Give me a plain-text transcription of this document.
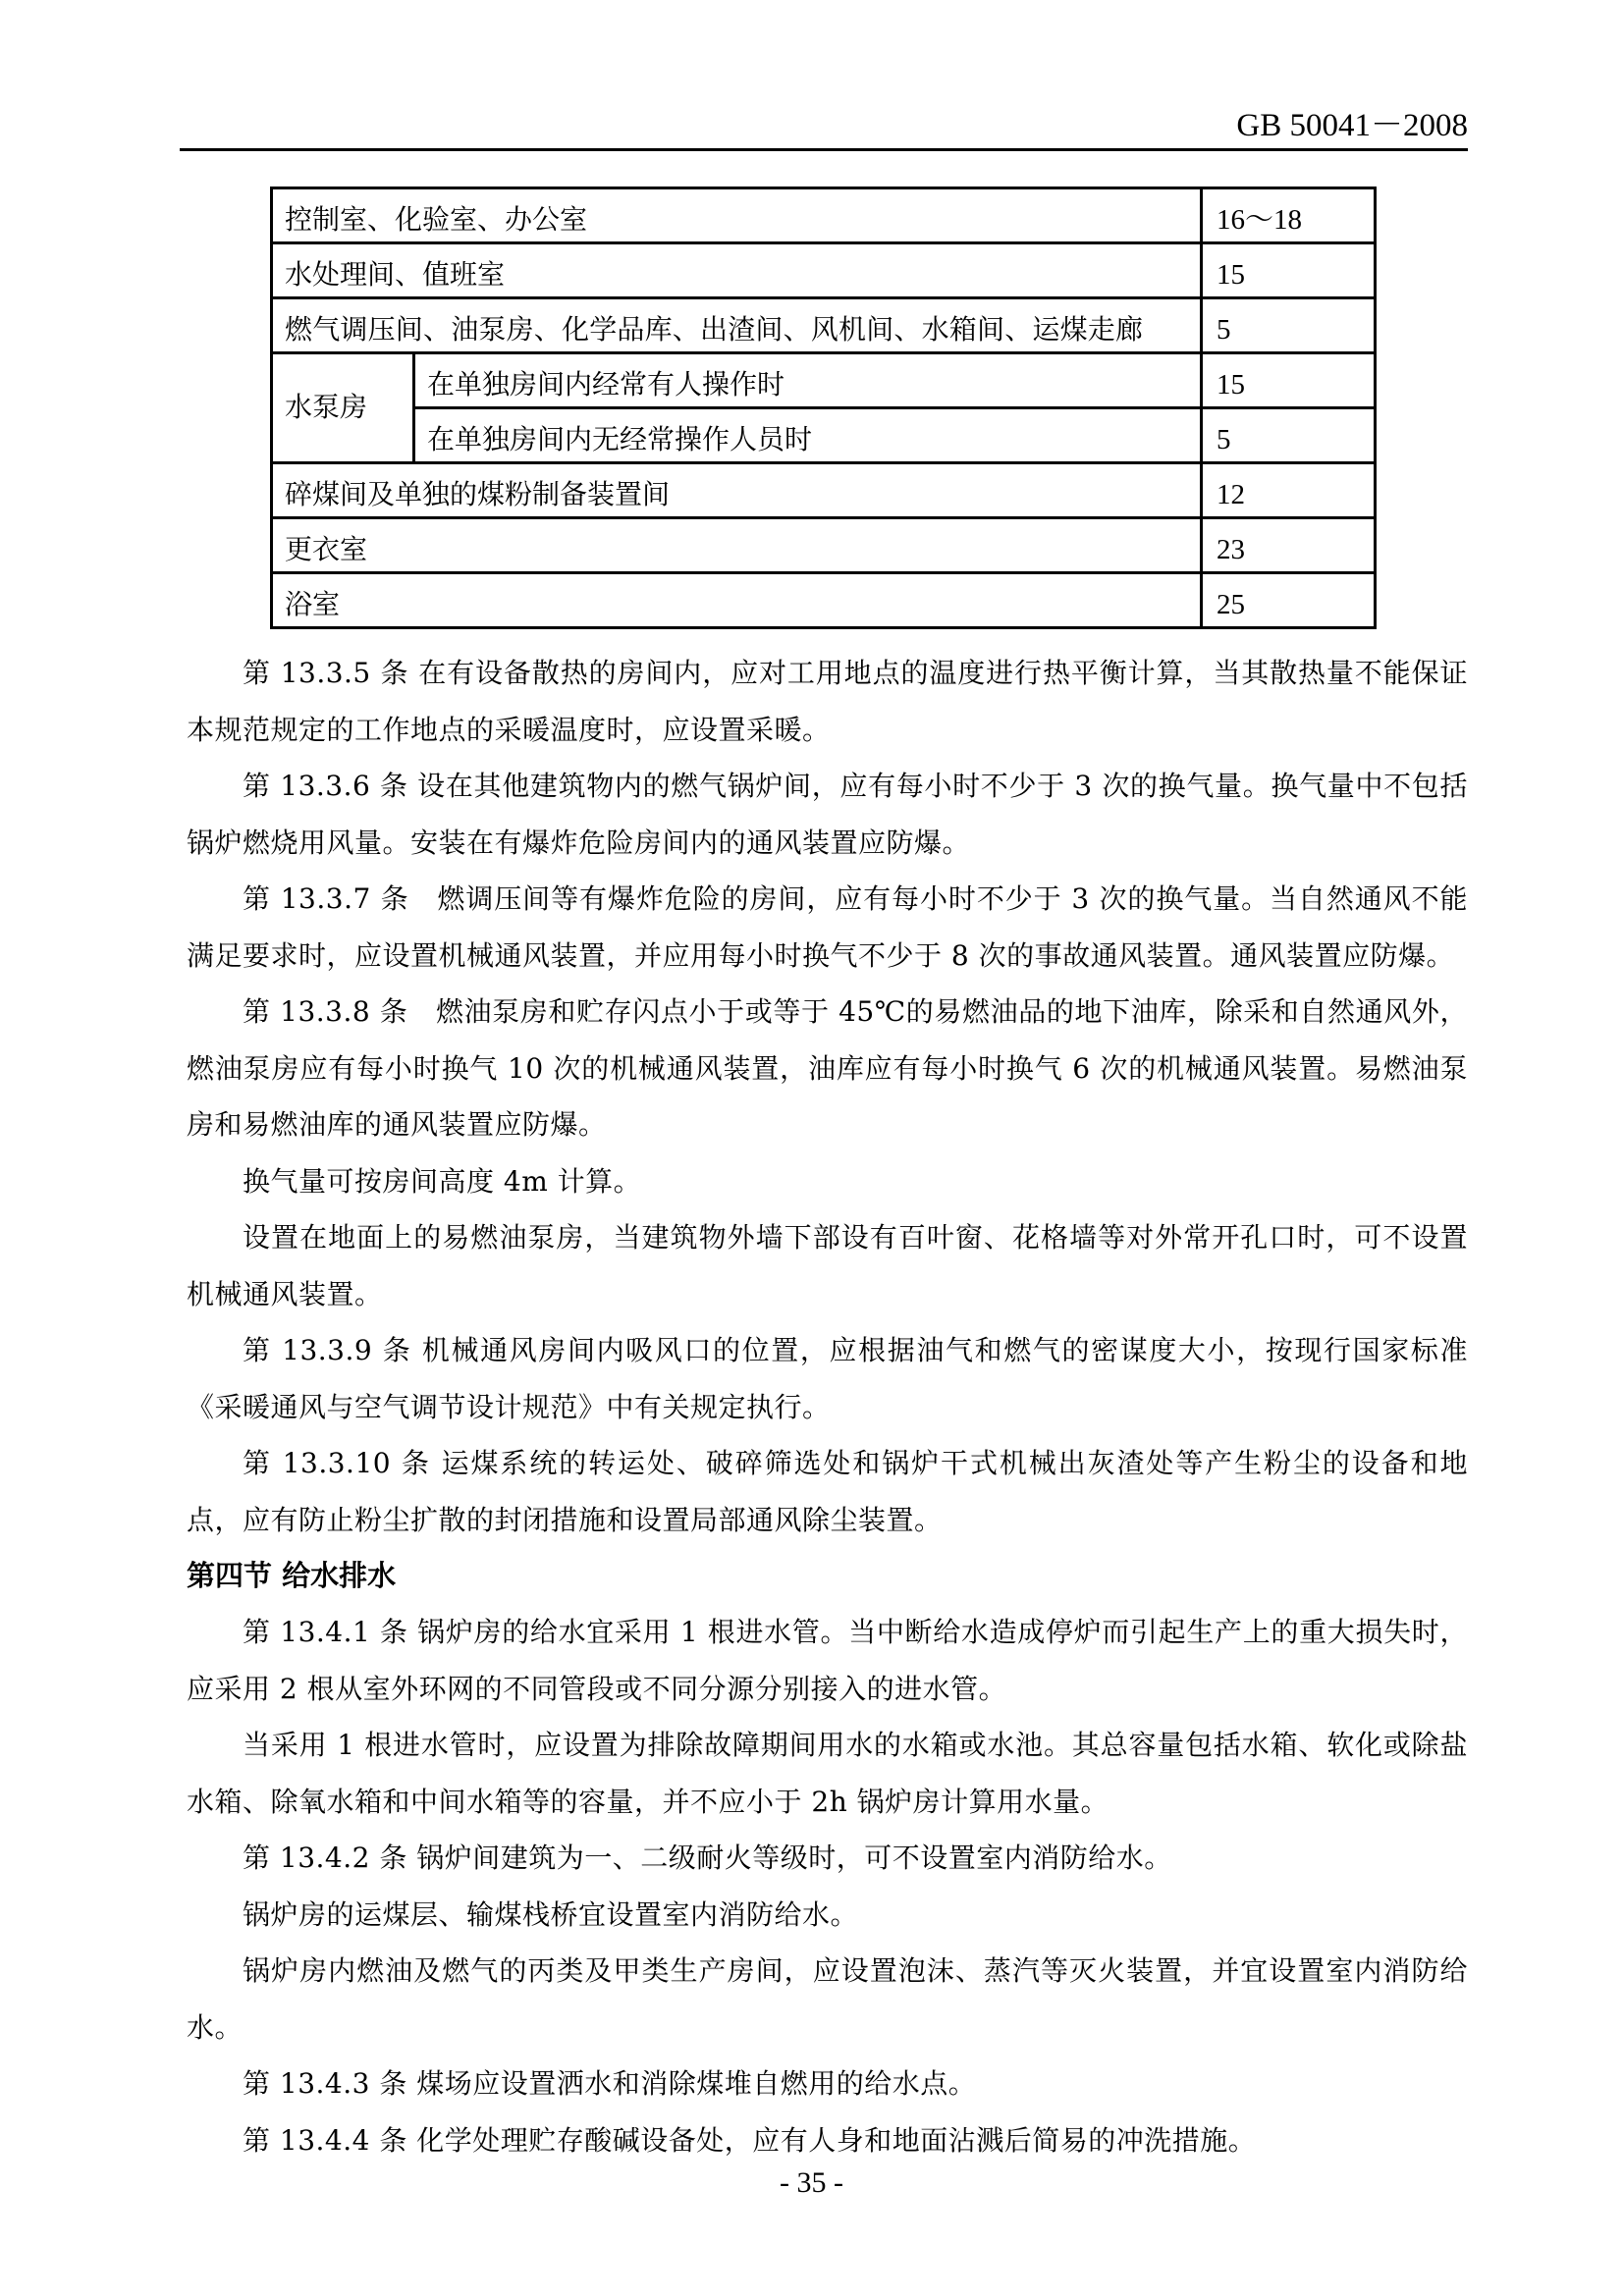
GB 50041－2008
控制室、化验室、办公室		16～18
水处理间、值班室		15
燃气调压间、油泵房、化学品库、出渣间、风机间、水箱间、运煤走廊		5
水泵房	在单独房间内经常有人操作时	15
	在单独房间内无经常操作人员时	5
碎煤间及单独的煤粉制备装置间		12
更衣室		23
浴室		25

第 13.3.5 条 在有设备散热的房间内，应对工用地点的温度进行热平衡计算，当其散热量不能保证本规范规定的工作地点的采暖温度时，应设置采暖。

第 13.3.6 条 设在其他建筑物内的燃气锅炉间，应有每小时不少于 3 次的换气量。换气量中不包括锅炉燃烧用风量。安装在有爆炸危险房间内的通风装置应防爆。

第 13.3.7 条　燃调压间等有爆炸危险的房间，应有每小时不少于 3 次的换气量。当自然通风不能满足要求时，应设置机械通风装置，并应用每小时换气不少于 8 次的事故通风装置。通风装置应防爆。

第 13.3.8 条　燃油泵房和贮存闪点小于或等于 45℃的易燃油品的地下油库，除采和自然通风外，燃油泵房应有每小时换气 10 次的机械通风装置，油库应有每小时换气 6 次的机械通风装置。易燃油泵房和易燃油库的通风装置应防爆。

换气量可按房间高度 4m 计算。

设置在地面上的易燃油泵房，当建筑物外墙下部设有百叶窗、花格墙等对外常开孔口时，可不设置机械通风装置。

第 13.3.9 条 机械通风房间内吸风口的位置，应根据油气和燃气的密谋度大小，按现行国家标准《采暖通风与空气调节设计规范》中有关规定执行。

第 13.3.10 条 运煤系统的转运处、破碎筛选处和锅炉干式机械出灰渣处等产生粉尘的设备和地点，应有防止粉尘扩散的封闭措施和设置局部通风除尘装置。

第四节 给水排水

第 13.4.1 条 锅炉房的给水宜采用 1 根进水管。当中断给水造成停炉而引起生产上的重大损失时，应采用 2 根从室外环网的不同管段或不同分源分别接入的进水管。

当采用 1 根进水管时，应设置为排除故障期间用水的水箱或水池。其总容量包括水箱、软化或除盐水箱、除氧水箱和中间水箱等的容量，并不应小于 2h 锅炉房计算用水量。

第 13.4.2 条 锅炉间建筑为一、二级耐火等级时，可不设置室内消防给水。

锅炉房的运煤层、输煤栈桥宜设置室内消防给水。

锅炉房内燃油及燃气的丙类及甲类生产房间，应设置泡沫、蒸汽等灭火装置，并宜设置室内消防给水。

第 13.4.3 条 煤场应设置洒水和消除煤堆自燃用的给水点。

第 13.4.4 条 化学处理贮存酸碱设备处，应有人身和地面沾溅后简易的冲洗措施。

- 35 -
